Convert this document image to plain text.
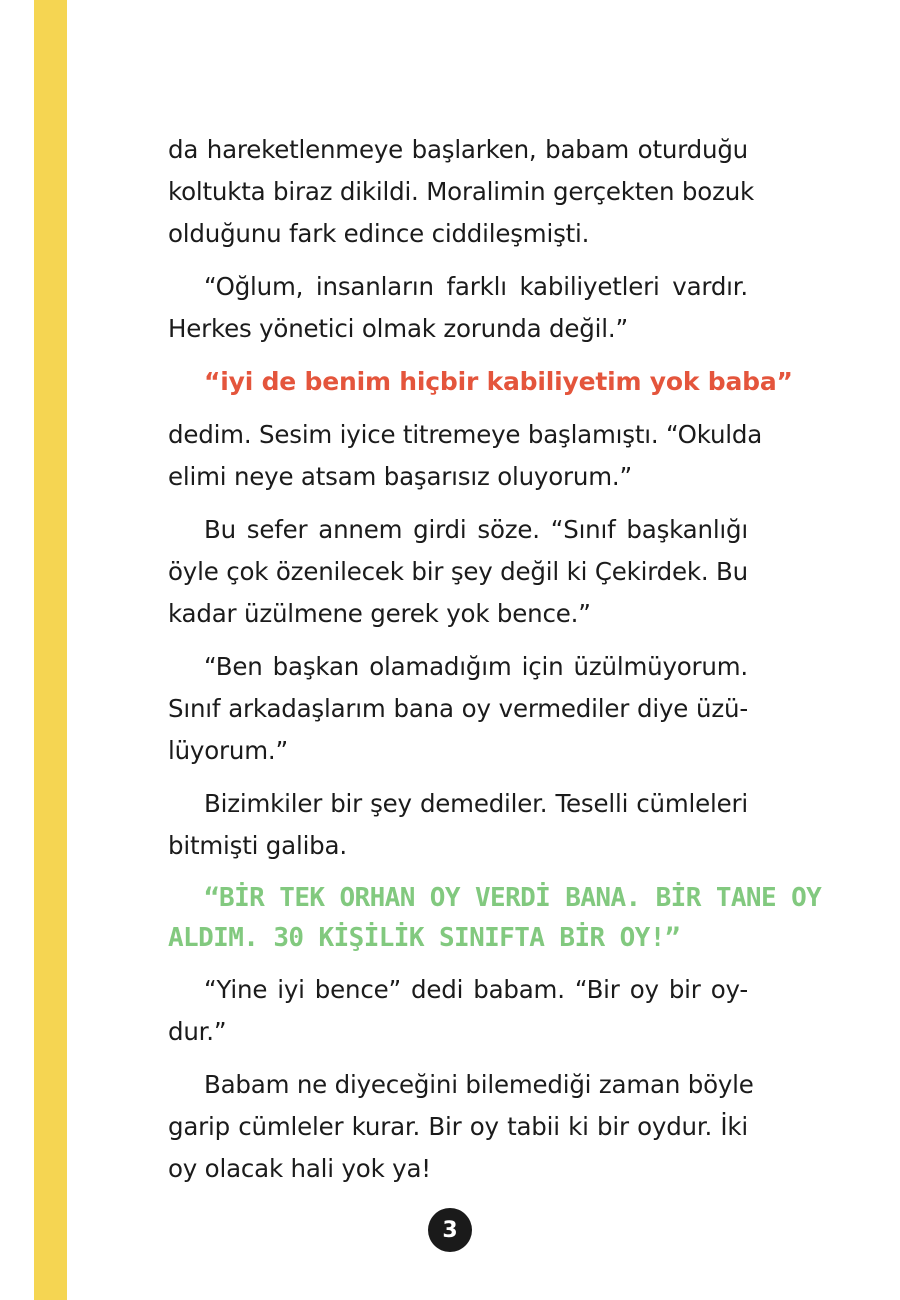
da hareketlenmeye başlarken, babam oturduğu
koltukta biraz dikildi. Moralimin gerçekten bozuk
olduğunu fark edince ciddileşmişti.
“Oğlum, insanların farklı kabiliyetleri vardır.
Herkes yönetici olmak zorunda değil.”
“iyi de benim hiçbir kabiliyetim yok baba”
dedim. Sesim iyice titremeye başlamıştı. “Okulda
elimi neye atsam başarısız oluyorum.”
Bu sefer annem girdi söze. “Sınıf başkanlığı
öyle çok özenilecek bir şey değil ki Çekirdek. Bu
kadar üzülmene gerek yok bence.”
“Ben başkan olamadığım için üzülmüyorum.
Sınıf arkadaşlarım bana oy vermediler diye üzü-
lüyorum.”
Bizimkiler bir şey demediler. Teselli cümleleri
bitmişti galiba.
“BİR TEK ORHAN OY VERDİ BANA. BİR TANE OY
ALDIM. 30 KİŞİLİK SINIFTA BİR OY!”
“Yine iyi bence” dedi babam. “Bir oy bir oy-
dur.”
Babam ne diyeceğini bilemediği zaman böyle
garip cümleler kurar. Bir oy tabii ki bir oydur. İki
oy olacak hali yok ya!
3
